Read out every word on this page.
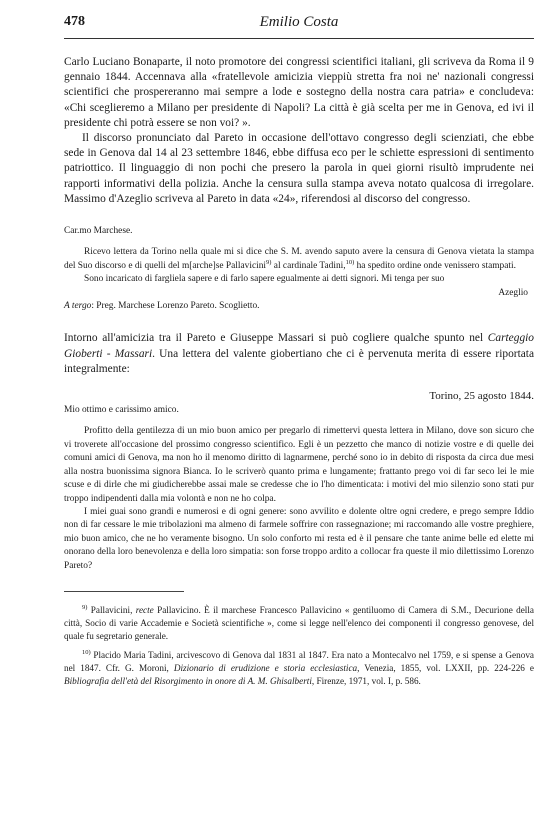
478	Emilio Costa

Carlo Luciano Bonaparte, il noto promotore dei congressi scientifici italiani, gli scriveva da Roma il 9 gennaio 1844. Accennava alla «fratellevole amicizia vieppiù stretta fra noi ne' nazionali congressi scientifici che prospereranno mai sempre a lode e sostegno della nostra cara patria» e concludeva: «Chi sceglieremo a Milano per presidente di Napoli? La città è già scelta per me in Genova, ed ivi il presidente chi potrà essere se non voi? ».

Il discorso pronunciato dal Pareto in occasione dell'ottavo congresso degli scienziati, che ebbe sede in Genova dal 14 al 23 settembre 1846, ebbe diffusa eco per le schiette espressioni di sentimento patriottico. Il linguaggio di non pochi che presero la parola in quei giorni risultò imprudente nei rapporti informativi della polizia. Anche la censura sulla stampa aveva notato qualcosa di irregolare. Massimo d'Azeglio scriveva al Pareto in data «24», riferendosi al discorso del congresso.

Car.mo Marchese.

Ricevo lettera da Torino nella quale mi si dice che S. M. avendo saputo avere la censura di Genova vietata la stampa del Suo discorso e di quelli del m[arche]se Pallavicini$^{9)}$ al cardinale Tadini,$^{10)}$ ha spedito ordine onde venissero stampati.

Sono incaricato di fargliela sapere e di farlo sapere egualmente ai detti signori. Mi tenga per suo

Azeglio

A tergo: Preg. Marchese Lorenzo Pareto. Scoglietto.

Intorno all'amicizia tra il Pareto e Giuseppe Massari si può cogliere qualche spunto nel Carteggio Gioberti - Massari. Una lettera del valente giobertiano che ci è pervenuta merita di essere riportata integralmente:

Torino, 25 agosto 1844.

Mio ottimo e carissimo amico.

Profitto della gentilezza di un mio buon amico per pregarlo di rimettervi questa lettera in Milano, dove son sicuro che vi troverete all'occasione del prossimo congresso scientifico. Egli è un pezzetto che manco di notizie vostre e di quelle dei comuni amici di Genova, ma non ho il menomo diritto di lagnarmene, perché sono io in debito di risposta da circa due mesi alla nostra buonissima signora Bianca. Io le scriverò quanto prima e lungamente; frattanto prego voi di far seco lei le mie scuse e di dirle che mi giudicherebbe assai male se credesse che io l'ho dimenticata: i motivi del mio silenzio sono stati pur troppo indipendenti dalla mia volontà e non ne ho colpa.

I miei guai sono grandi e numerosi e di ogni genere: sono avvilito e dolente oltre ogni credere, e prego sempre Iddio non di far cessare le mie tribolazioni ma almeno di farmele soffrire con rassegnazione; mi raccomando alle vostre preghiere, mio buon amico, che ne ho veramente bisogno. Un solo conforto mi resta ed è il pensare che tante anime belle ed elette mi onorano della loro benevolenza e della loro simpatia: son forse troppo ardito a collocar fra queste il mio dilettissimo Lorenzo Pareto?

$^{9)}$ Pallavicini, recte Pallavicino. È il marchese Francesco Pallavicino « gentiluomo di Camera di S.M., Decurione della città, Socio di varie Accademie e Società scientifiche », come si legge nell'elenco dei componenti il congresso genovese, del quale fu segretario generale.

$^{10)}$ Placido Maria Tadini, arcivescovo di Genova dal 1831 al 1847. Era nato a Montecalvo nel 1759, e si spense a Genova nel 1847. Cfr. G. Moroni, Dizionario di erudizione e storia ecclesiastica, Venezia, 1855, vol. LXXII, pp. 224-226 e Bibliografia dell'età del Risorgimento in onore di A. M. Ghisalberti, Firenze, 1971, vol. I, p. 586.
